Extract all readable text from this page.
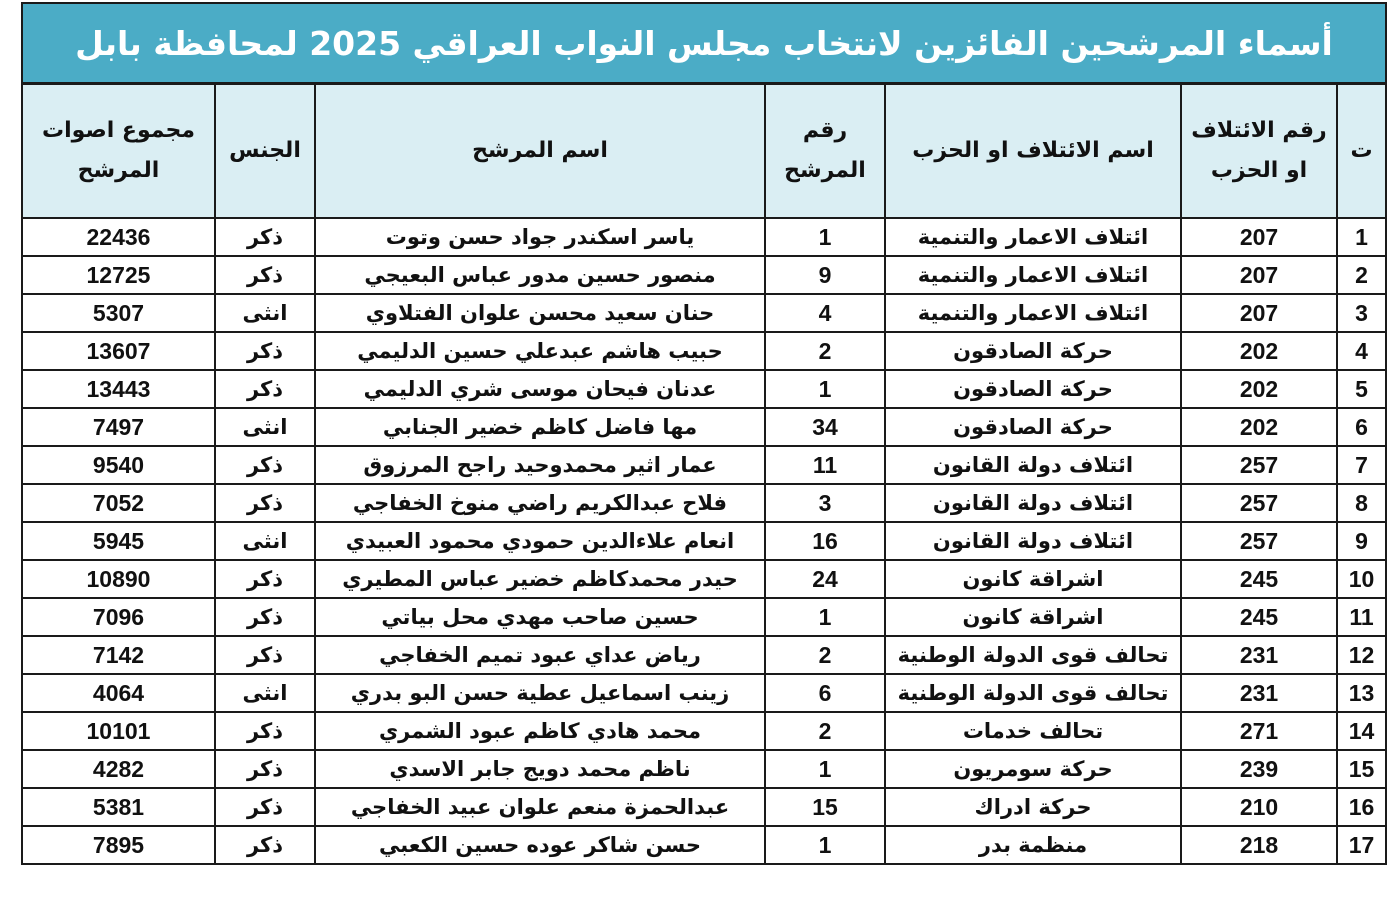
أسماء المرشحين الفائزين لانتخاب مجلس النواب العراقي 2025 لمحافظة بابل
ت	رقم الائتلاف او الحزب	اسم الائتلاف او الحزب	رقم المرشح	اسم المرشح	الجنس	مجموع اصوات المرشح
1	207	ائتلاف الاعمار والتنمية	1	ياسر اسكندر جواد حسن وتوت	ذكر	22436
2	207	ائتلاف الاعمار والتنمية	9	منصور حسين مدور عباس البعيجي	ذكر	12725
3	207	ائتلاف الاعمار والتنمية	4	حنان سعيد محسن علوان الفتلاوي	انثى	5307
4	202	حركة الصادقون	2	حبيب هاشم عبدعلي حسين الدليمي	ذكر	13607
5	202	حركة الصادقون	1	عدنان فيحان موسى شري الدليمي	ذكر	13443
6	202	حركة الصادقون	34	مها فاضل كاظم خضير الجنابي	انثى	7497
7	257	ائتلاف دولة القانون	11	عمار اثير محمدوحيد راجح المرزوق	ذكر	9540
8	257	ائتلاف دولة القانون	3	فلاح عبدالكريم راضي منوخ الخفاجي	ذكر	7052
9	257	ائتلاف دولة القانون	16	انعام علاءالدين حمودي محمود العبيدي	انثى	5945
10	245	اشراقة كانون	24	حيدر محمدكاظم خضير عباس المطيري	ذكر	10890
11	245	اشراقة كانون	1	حسين صاحب مهدي محل بياتي	ذكر	7096
12	231	تحالف قوى الدولة الوطنية	2	رياض عداي عبود تميم الخفاجي	ذكر	7142
13	231	تحالف قوى الدولة الوطنية	6	زينب اسماعيل عطية حسن البو بدري	انثى	4064
14	271	تحالف خدمات	2	محمد هادي كاظم عبود الشمري	ذكر	10101
15	239	حركة سومريون	1	ناظم محمد دويج جابر الاسدي	ذكر	4282
16	210	حركة ادراك	15	عبدالحمزة منعم علوان عبيد الخفاجي	ذكر	5381
17	218	منظمة بدر	1	حسن شاكر عوده حسين الكعبي	ذكر	7895
